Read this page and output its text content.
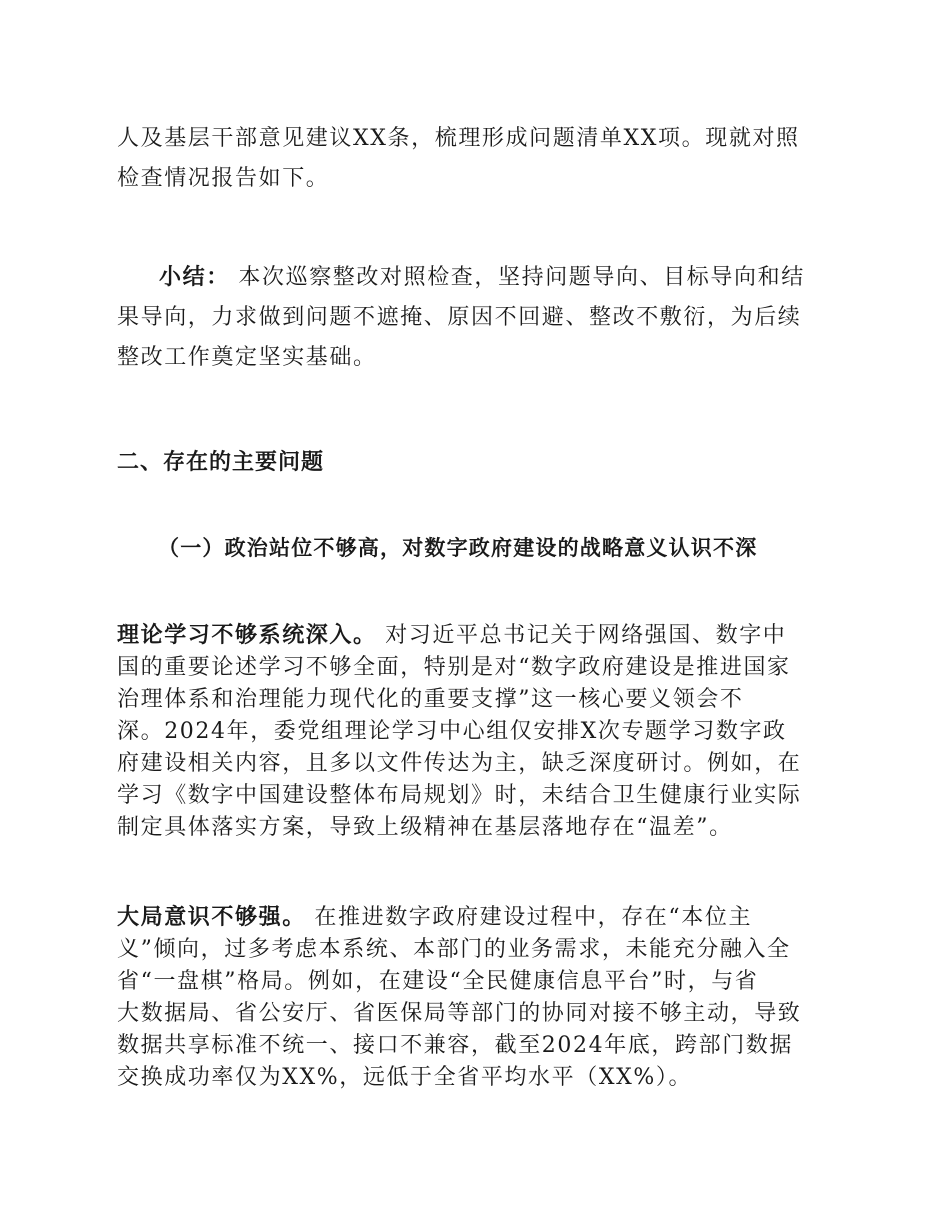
人及基层干部意见建议XX条，梳理形成问题清单XX项。现就对照
检查情况报告如下。
小结： 本次巡察整改对照检查，坚持问题导向、目标导向和结
果导向，力求做到问题不遮掩、原因不回避、整改不敷衍，为后续
整改工作奠定坚实基础。
二、存在的主要问题
（一）政治站位不够高，对数字政府建设的战略意义认识不深
理论学习不够系统深入。 对习近平总书记关于网络强国、数字中
国的重要论述学习不够全面，特别是对“数字政府建设是推进国家
治理体系和治理能力现代化的重要支撑”这一核心要义领会不
深。2024年，委党组理论学习中心组仅安排X次专题学习数字政
府建设相关内容，且多以文件传达为主，缺乏深度研讨。例如，在
学习《数字中国建设整体布局规划》时，未结合卫生健康行业实际
制定具体落实方案，导致上级精神在基层落地存在“温差”。
大局意识不够强。 在推进数字政府建设过程中，存在“本位主
义”倾向，过多考虑本系统、本部门的业务需求，未能充分融入全
省“一盘棋”格局。例如，在建设“全民健康信息平台”时，与省
大数据局、省公安厅、省医保局等部门的协同对接不够主动，导致
数据共享标准不统一、接口不兼容，截至2024年底，跨部门数据
交换成功率仅为XX%，远低于全省平均水平（XX%）。
